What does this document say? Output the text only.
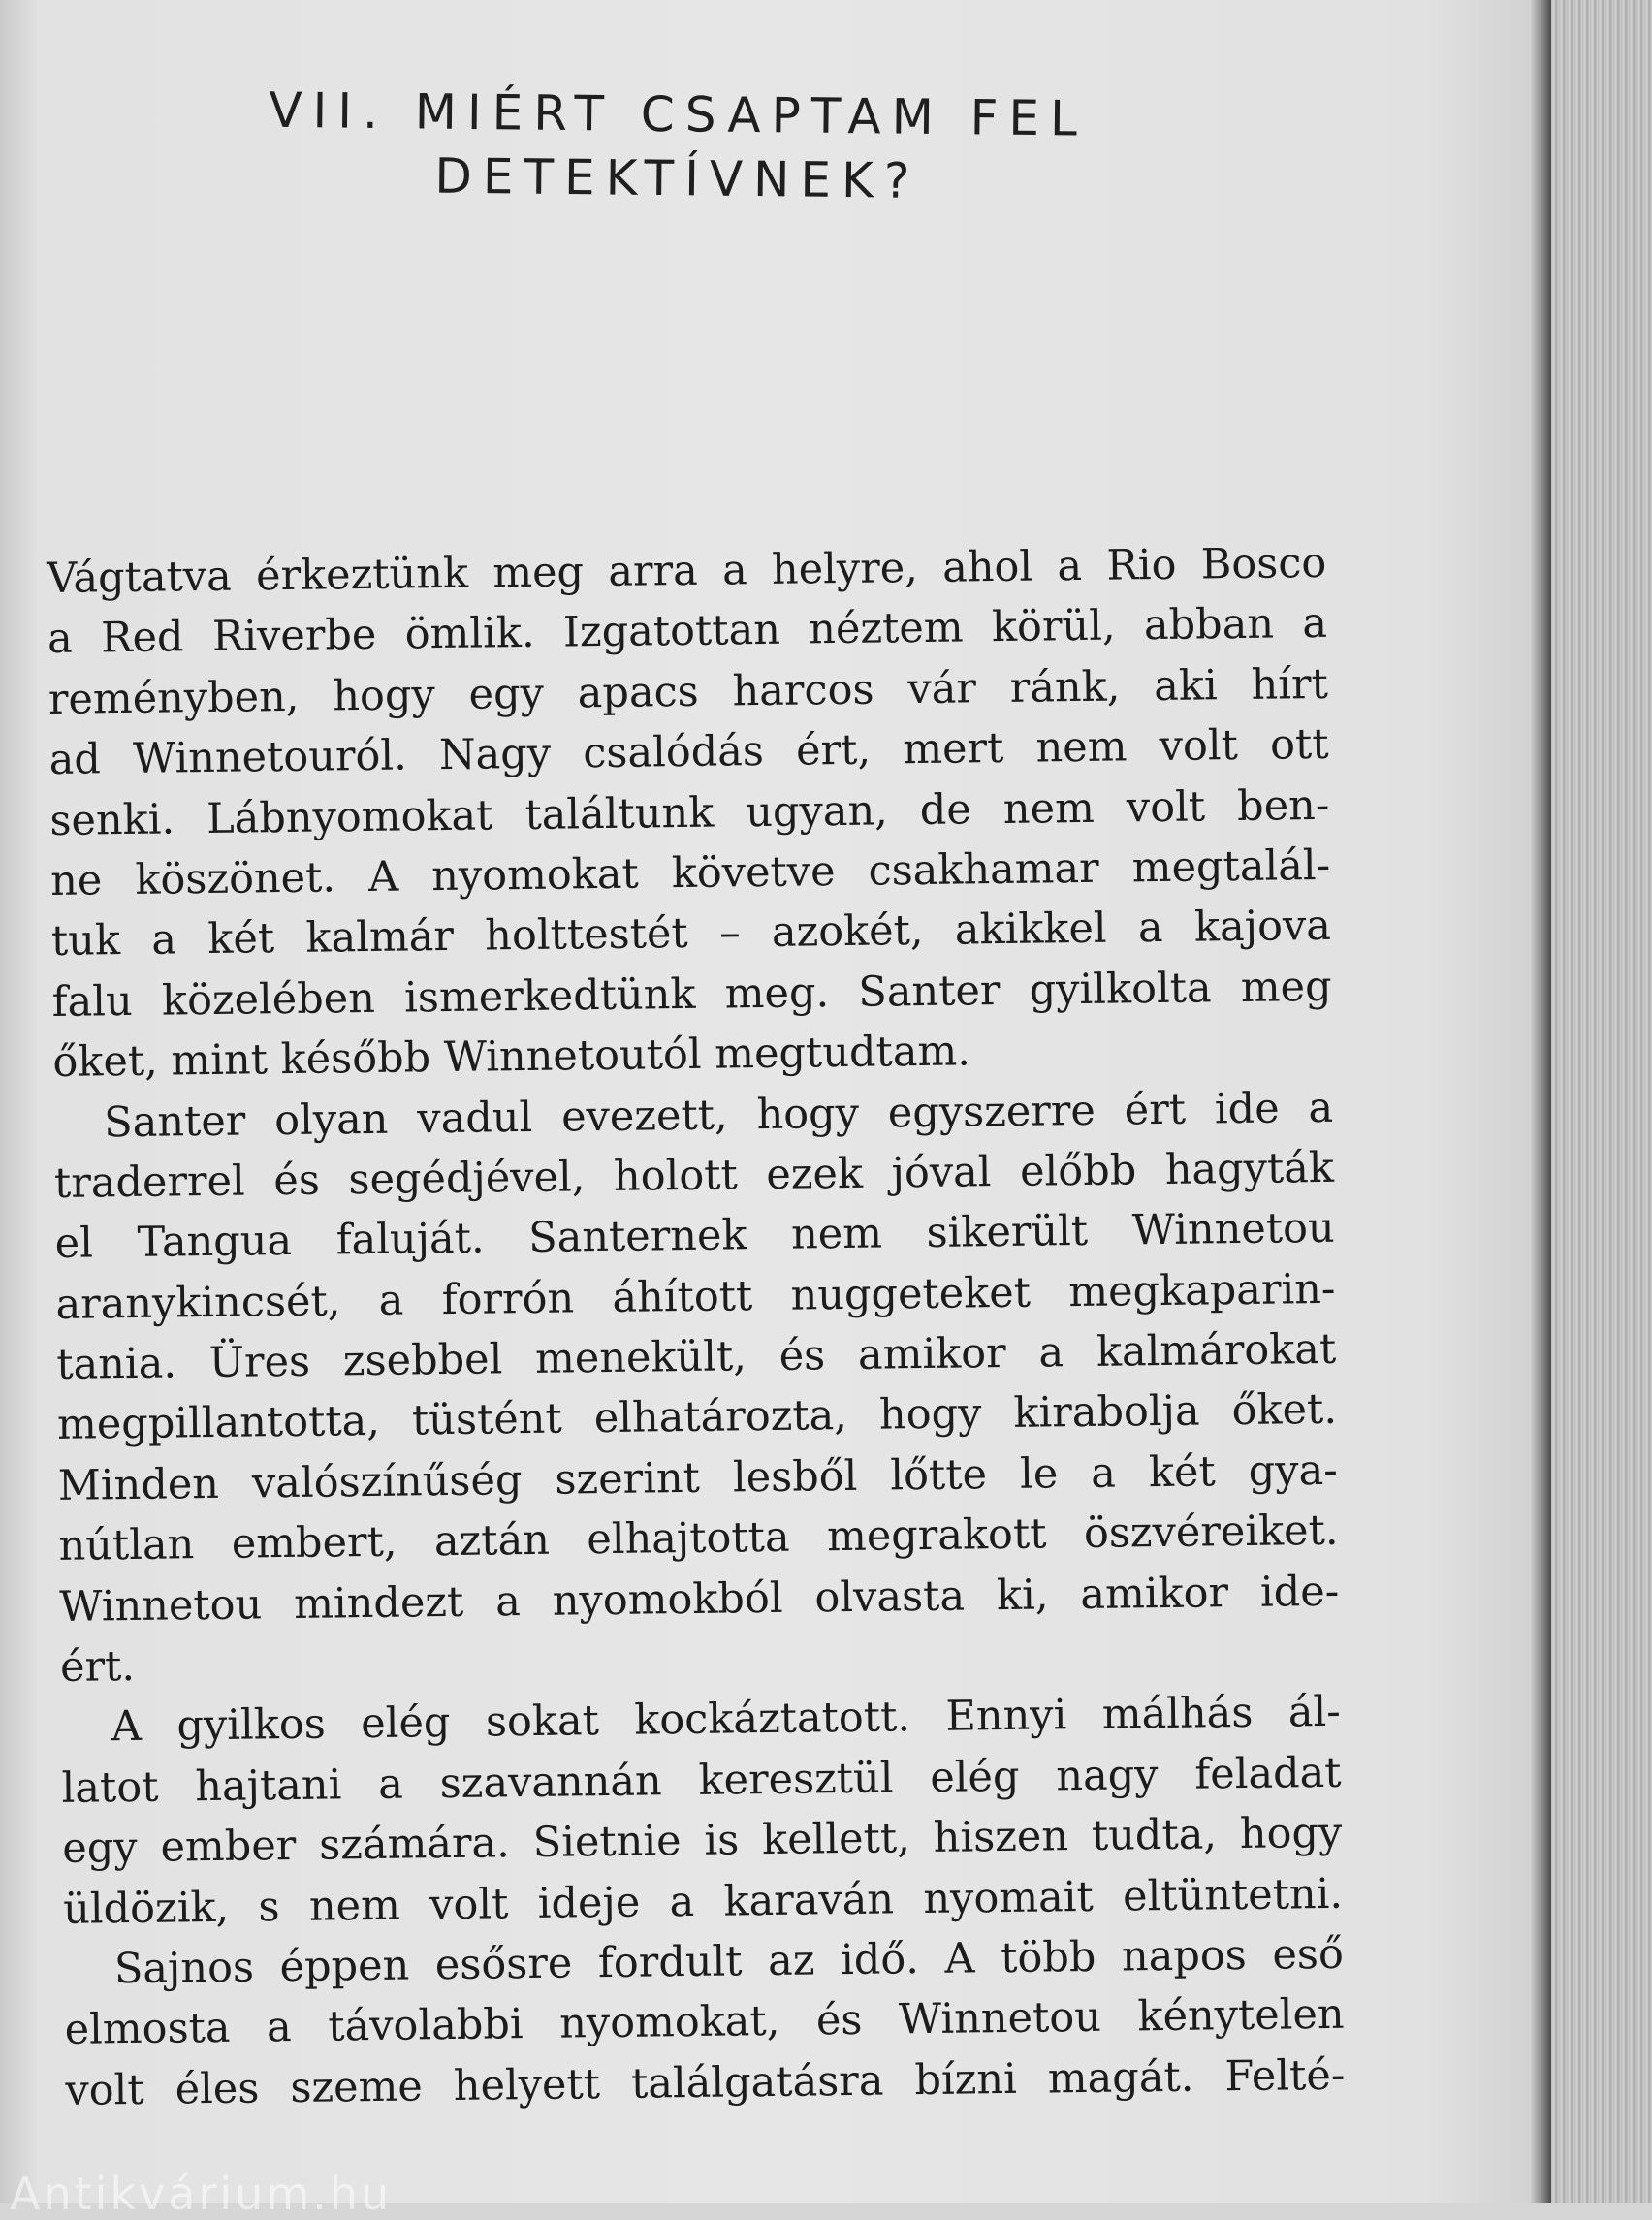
VII. MIÉRT CSAPTAM FEL
DETEKTÍVNEK?
Vágtatva érkeztünk meg arra a helyre, ahol a Rio Bosco
a Red Riverbe ömlik. Izgatottan néztem körül, abban a
reményben, hogy egy apacs harcos vár ránk, aki hírt
ad Winnetouról. Nagy csalódás ért, mert nem volt ott
senki. Lábnyomokat találtunk ugyan, de nem volt ben-
ne köszönet. A nyomokat követve csakhamar megtalál-
tuk a két kalmár holttestét – azokét, akikkel a kajova
falu közelében ismerkedtünk meg. Santer gyilkolta meg
őket, mint később Winnetoutól megtudtam.
Santer olyan vadul evezett, hogy egyszerre ért ide a
traderrel és segédjével, holott ezek jóval előbb hagyták
el Tangua faluját. Santernek nem sikerült Winnetou
aranykincsét, a forrón áhított nuggeteket megkaparin-
tania. Üres zsebbel menekült, és amikor a kalmárokat
megpillantotta, tüstént elhatározta, hogy kirabolja őket.
Minden valószínűség szerint lesből lőtte le a két gya-
nútlan embert, aztán elhajtotta megrakott öszvéreiket.
Winnetou mindezt a nyomokból olvasta ki, amikor ide-
ért.
A gyilkos elég sokat kockáztatott. Ennyi málhás ál-
latot hajtani a szavannán keresztül elég nagy feladat
egy ember számára. Sietnie is kellett, hiszen tudta, hogy
üldözik, s nem volt ideje a karaván nyomait eltüntetni.
Sajnos éppen esősre fordult az idő. A több napos eső
elmosta a távolabbi nyomokat, és Winnetou kénytelen
volt éles szeme helyett találgatásra bízni magát. Felté-
Antikvárium.hu
